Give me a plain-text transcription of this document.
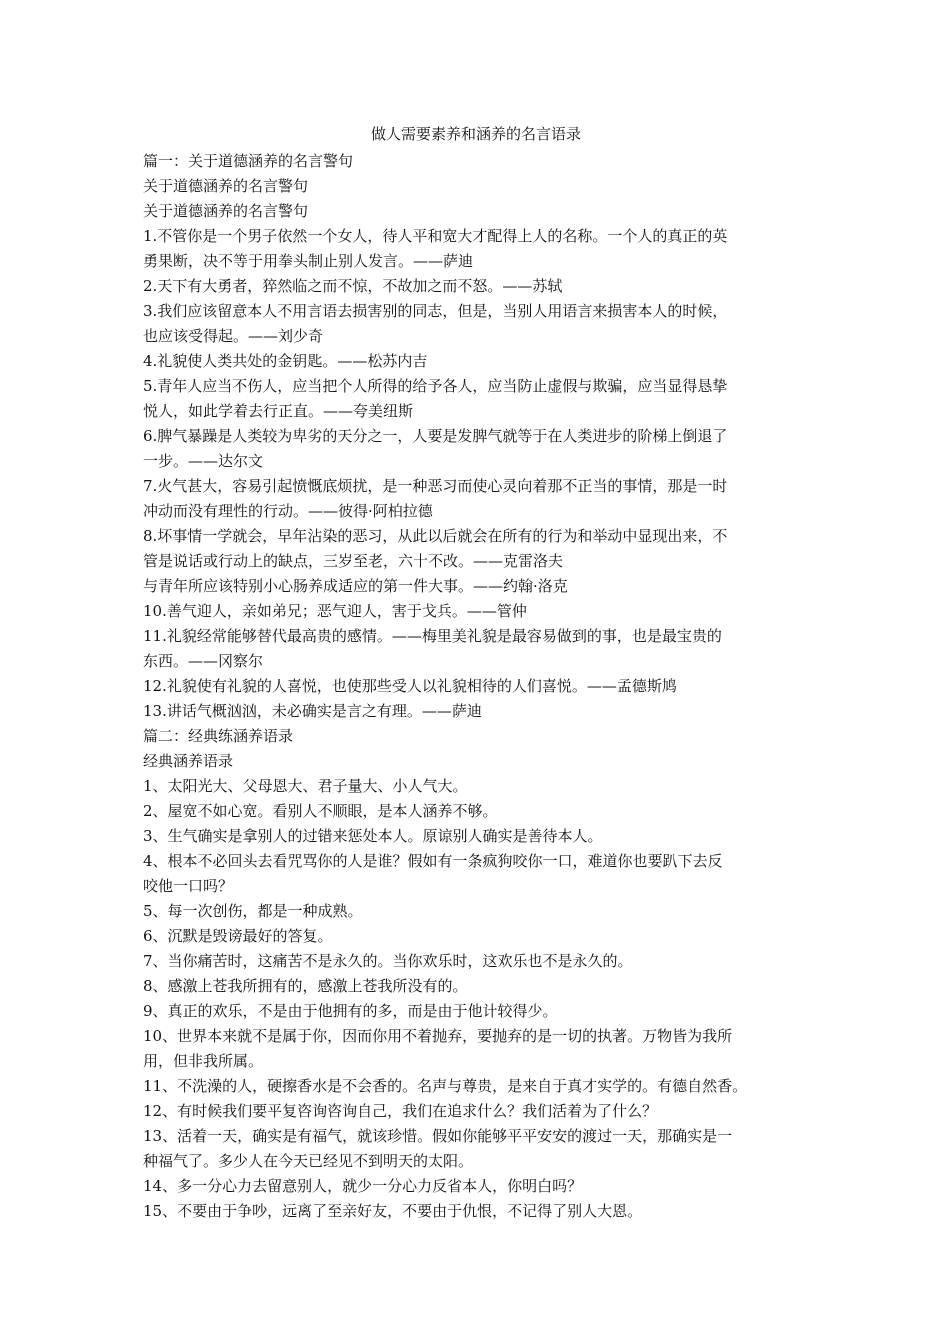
做人需要素养和涵养的名言语录
篇一：关于道德涵养的名言警句
关于道德涵养的名言警句
关于道德涵养的名言警句
1.不管你是一个男子依然一个女人，待人平和宽大才配得上人的名称。一个人的真正的英
勇果断，决不等于用拳头制止别人发言。——萨迪
2.天下有大勇者，猝然临之而不惊，不故加之而不怒。——苏轼
3.我们应该留意本人不用言语去损害别的同志，但是，当别人用语言来损害本人的时候，
也应该受得起。——刘少奇
4.礼貌使人类共处的金钥匙。——松苏内吉
5.青年人应当不伤人，应当把个人所得的给予各人，应当防止虚假与欺骗，应当显得恳挚
悦人，如此学着去行正直。——夸美纽斯
6.脾气暴躁是人类较为卑劣的天分之一，人要是发脾气就等于在人类进步的阶梯上倒退了
一步。——达尔文
7.火气甚大，容易引起愤慨底烦扰，是一种恶习而使心灵向着那不正当的事情，那是一时
冲动而没有理性的行动。——彼得·阿柏拉德
8.坏事情一学就会，早年沾染的恶习，从此以后就会在所有的行为和举动中显现出来，不
管是说话或行动上的缺点，三岁至老，六十不改。——克雷洛夫
与青年所应该特别小心肠养成适应的第一件大事。——约翰·洛克
10.善气迎人，亲如弟兄；恶气迎人，害于戈兵。——管仲
11.礼貌经常能够替代最高贵的感情。——梅里美礼貌是最容易做到的事，也是最宝贵的
东西。——冈察尔
12.礼貌使有礼貌的人喜悦，也使那些受人以礼貌相待的人们喜悦。——孟德斯鸠
13.讲话气概汹汹，未必确实是言之有理。——萨迪
篇二：经典练涵养语录
经典涵养语录
1、太阳光大、父母恩大、君子量大、小人气大。
2、屋宽不如心宽。看别人不顺眼，是本人涵养不够。
3、生气确实是拿别人的过错来惩处本人。原谅别人确实是善待本人。
4、根本不必回头去看咒骂你的人是谁？假如有一条疯狗咬你一口，难道你也要趴下去反
咬他一口吗？
5、每一次创伤，都是一种成熟。
6、沉默是毁谤最好的答复。
7、当你痛苦时，这痛苦不是永久的。当你欢乐时，这欢乐也不是永久的。
8、感激上苍我所拥有的，感激上苍我所没有的。
9、真正的欢乐，不是由于他拥有的多，而是由于他计较得少。
10、世界本来就不是属于你，因而你用不着抛弃，要抛弃的是一切的执著。万物皆为我所
用，但非我所属。
11、不洗澡的人，硬擦香水是不会香的。名声与尊贵，是来自于真才实学的。有德自然香。
12、有时候我们要平复咨询咨询自己，我们在追求什么？我们活着为了什么？
13、活着一天，确实是有福气，就该珍惜。假如你能够平平安安的渡过一天，那确实是一
种福气了。多少人在今天已经见不到明天的太阳。
14、多一分心力去留意别人，就少一分心力反省本人，你明白吗？
15、不要由于争吵，远离了至亲好友，不要由于仇恨，不记得了别人大恩。
